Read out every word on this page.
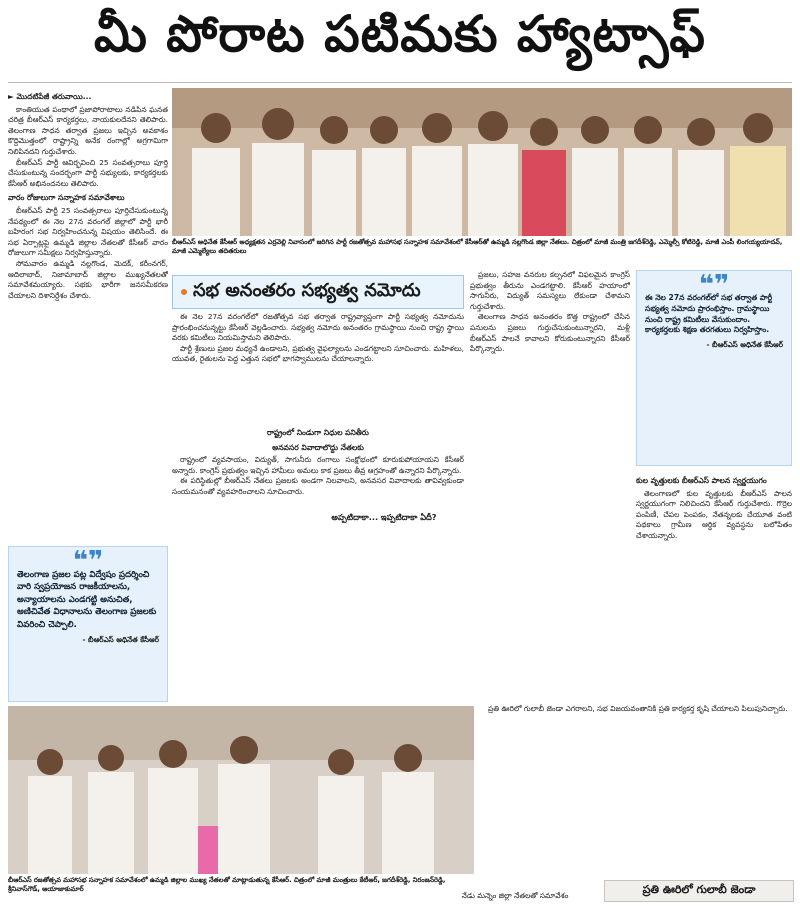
మీ పోరాట పటిమకు హ్యాట్సాఫ్

► మొదటిపేజీ తరువాయి...

కాంతియుత పంథాలో ప్రజాపోరాటాలు నడిపిన ఘనత చరిత్ర బీఆర్‌ఎస్ కార్యకర్తలు, నాయకులదేనని తెలిపారు. తెలంగాణ సాధన తర్వాత ప్రజలు ఇచ్చిన అవకాశం కొద్దిమొత్తంలో రాష్ట్రాన్ని అనేక రంగాల్లో అగ్రగామిగా నిలిపినదని గుర్తుచేశారు.

బీఆర్‌ఎస్ పార్టీ ఆవిర్భవించి 25 సంవత్సరాలు పూర్తి చేసుకుంటున్న సందర్భంగా పార్టీ సభ్యులకు, కార్యకర్తలకు కేసీఆర్ అభినందనలు తెలిపారు.

వారం రోజులుగా సన్నాహక సమావేశాలు

బీఆర్‌ఎస్ పార్టీ 25 సంవత్సరాలు పూర్తిచేసుకుంటున్న నేపథ్యంలో ఈ నెల 27న వరంగల్ జిల్లాలో పార్టీ భారీ బహిరంగ సభ నిర్వహించనున్న విషయం తెలిసిందే. ఈ సభ ఏర్పాట్లపై ఉమ్మడి జిల్లాల నేతలతో కేసీఆర్ వారం రోజులుగా సమీక్షలు నిర్వహిస్తున్నారు.

సోమవారం ఉమ్మడి నల్లగొండ, మెదక్, కరీంనగర్, ఆదిలాబాద్, నిజామాబాద్ జిల్లాల ముఖ్యనేతలతో సమావేశమయ్యారు. సభకు భారీగా జనసమీకరణ చేయాలని దిశానిర్దేశం చేశారు.

❝❞

తెలంగాణ ప్రజల పట్ల విద్వేషం ప్రదర్శించి వారి స్వప్రయోజన రాజకీయాలను, అన్యాయాలను ఎండగట్టి అనుచిత, అణిచివేత విధానాలను తెలంగాణ ప్రజలకు వివరించి చెప్పాలి.

- బీఆర్‌ఎస్ అధినేత కేసీఆర్

బీఆర్‌ఎస్ అధినేత కేసీఆర్ అధ్యక్షతన ఎర్రవెల్లి నివాసంలో జరిగిన పార్టీ రజతోత్సవ మహాసభ సన్నాహక సమావేశంలో కేసీఆర్‌తో ఉమ్మడి నల్లగొండ జిల్లా నేతలు. చిత్రంలో మాజీ మంత్రి జగదీశ్‌రెడ్డి, ఎమ్మెల్సీ కోటిరెడ్డి, మాజీ ఎంపీ లింగయ్యయాదవ్, మాజీ ఎమ్మెల్యేలు తదితరులు
సభ అనంతరం సభ్యత్వ నమోదు

ఈ నెల 27న వరంగల్‌లో రజతోత్సవ సభ తర్వాత రాష్ట్రవ్యాప్తంగా పార్టీ సభ్యత్వ నమోదును ప్రారంభించనున్నట్టు కేసీఆర్ వెల్లడించారు. సభ్యత్వ నమోదు అనంతరం గ్రామస్థాయి నుంచి రాష్ట్ర స్థాయి వరకు కమిటీలు నియమిస్తామని తెలిపారు.

పార్టీ శ్రేణులు ప్రజల మధ్యనే ఉండాలని, ప్రభుత్వ వైఫల్యాలను ఎండగట్టాలని సూచించారు. మహిళలు, యువత, రైతులను పెద్ద ఎత్తున సభలో భాగస్వాములను చేయాలన్నారు.

రాష్ట్రంలో నిండుగా నిధుల పనితీరు

అనవసర వివాదాలొద్దు నేతలకు

రాష్ట్రంలో వ్యవసాయం, విద్యుత్, సాగునీరు రంగాలు సంక్షోభంలో కూరుకుపోయాయని కేసీఆర్ అన్నారు. కాంగ్రెస్ ప్రభుత్వం ఇచ్చిన హామీలు అమలు కాక ప్రజలు తీవ్ర ఆగ్రహంతో ఉన్నారని పేర్కొన్నారు.

ఈ పరిస్థితుల్లో బీఆర్‌ఎస్ నేతలు ప్రజలకు అండగా నిలవాలని, అనవసర వివాదాలకు తావివ్వకుండా సంయమనంతో వ్యవహరించాలని సూచించారు.

అప్పటిదాకా... ఇప్పటిదాకా ఏదీ?
❝❞

ఈ నెల 27న వరంగల్‌లో సభ తర్వాత పార్టీ సభ్యత్వ నమోదు ప్రారంభిస్తాం. గ్రామస్థాయి నుంచి రాష్ట్ర కమిటీలు వేసుకుందాం. కార్యకర్తలకు శిక్షణ తరగతులు నిర్వహిస్తాం.

- బీఆర్‌ఎస్ అధినేత కేసీఆర్

ప్రజలు, సహజ వనరుల కల్పనలో విఫలమైన కాంగ్రెస్ ప్రభుత్వం తీరును ఎండగట్టాలి. కేసీఆర్ హయాంలో సాగునీరు, విద్యుత్ సమస్యలు లేకుండా చేశామని గుర్తుచేశారు.

తెలంగాణ సాధన అనంతరం కొత్త రాష్ట్రంలో చేసిన పనులను ప్రజలు గుర్తుచేసుకుంటున్నారని, మళ్లీ బీఆర్‌ఎస్ పాలనే కావాలని కోరుకుంటున్నారని కేసీఆర్ పేర్కొన్నారు.

కుల వృత్తులకు బీఆర్‌ఎస్ పాలన స్వర్ణయుగం

తెలంగాణలో కుల వృత్తులకు బీఆర్‌ఎస్ పాలన స్వర్ణయుగంగా నిలిచిందని కేసీఆర్ గుర్తుచేశారు. గొర్రెల పంపిణీ, చేపల పెంపకం, నేతన్నలకు చేయూత వంటి పథకాలు గ్రామీణ ఆర్థిక వ్యవస్థను బలోపేతం చేశాయన్నారు.

ప్రతి ఊరిలో గులాబీ జెండా ఎగరాలని, సభ విజయవంతానికి ప్రతి కార్యకర్త కృషి చేయాలని పిలుపునిచ్చారు.

బీఆర్‌ఎస్ రజతోత్సవ మహాసభ సన్నాహక సమావేశంలో ఉమ్మడి జిల్లాల ముఖ్య నేతలతో మాట్లాడుతున్న కేసీఆర్. చిత్రంలో మాజీ మంత్రులు కేటీఆర్, జగదీశ్‌రెడ్డి, నిరంజన్‌రెడ్డి, శ్రీనివాస్‌గౌడ్, ఆయాజాకుమార్
నేడు మన్నెం జిల్లా నేతలతో సమావేశం	ప్రతి ఊరిలో గులాబీ జెండా
